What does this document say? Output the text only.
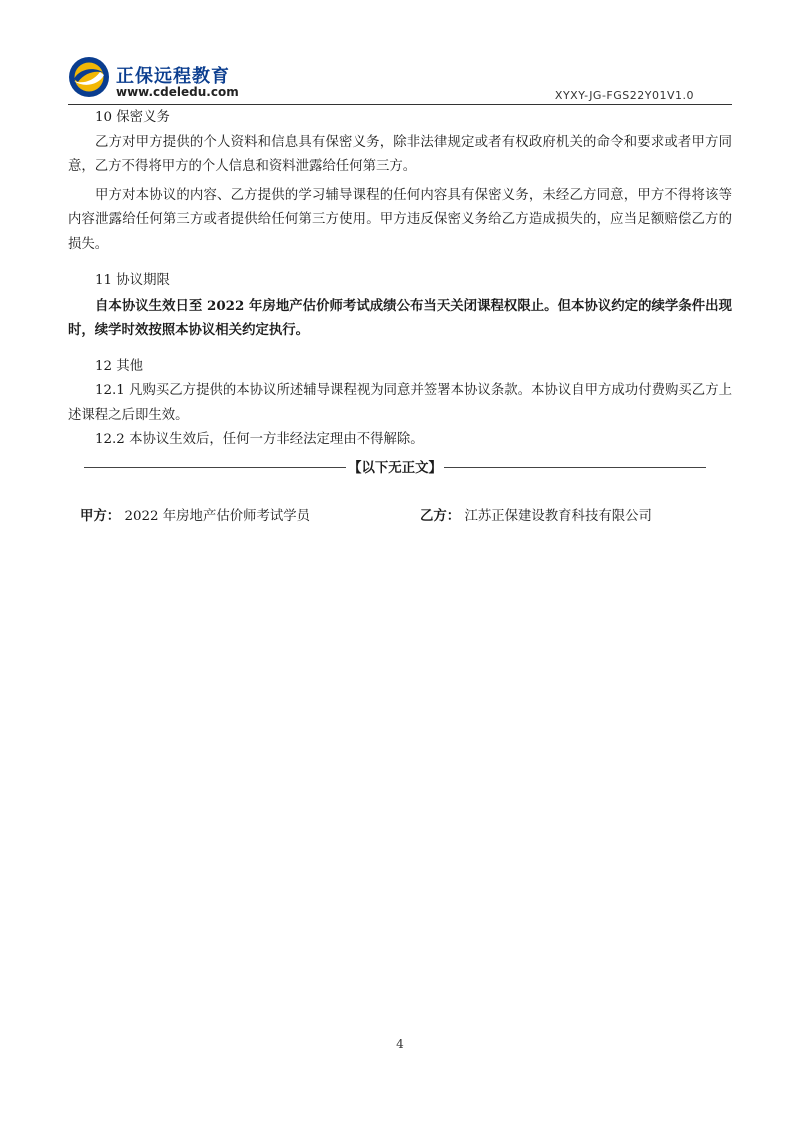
正保远程教育
www.cdeledu.com	XYXY-JG-FGS22Y01V1.0

10 保密义务

乙方对甲方提供的个人资料和信息具有保密义务，除非法律规定或者有权政府机关的命令和要求或者甲方同意，乙方不得将甲方的个人信息和资料泄露给任何第三方。

甲方对本协议的内容、乙方提供的学习辅导课程的任何内容具有保密义务，未经乙方同意，甲方不得将该等内容泄露给任何第三方或者提供给任何第三方使用。甲方违反保密义务给乙方造成损失的，应当足额赔偿乙方的损失。

11 协议期限

自本协议生效日至 2022 年房地产估价师考试成绩公布当天关闭课程权限止。但本协议约定的续学条件出现时，续学时效按照本协议相关约定执行。

12 其他

12.1 凡购买乙方提供的本协议所述辅导课程视为同意并签署本协议条款。本协议自甲方成功付费购买乙方上述课程之后即生效。

12.2 本协议生效后，任何一方非经法定理由不得解除。

【以下无正文】
甲方： 2022 年房地产估价师考试学员	乙方： 江苏正保建设教育科技有限公司
4
